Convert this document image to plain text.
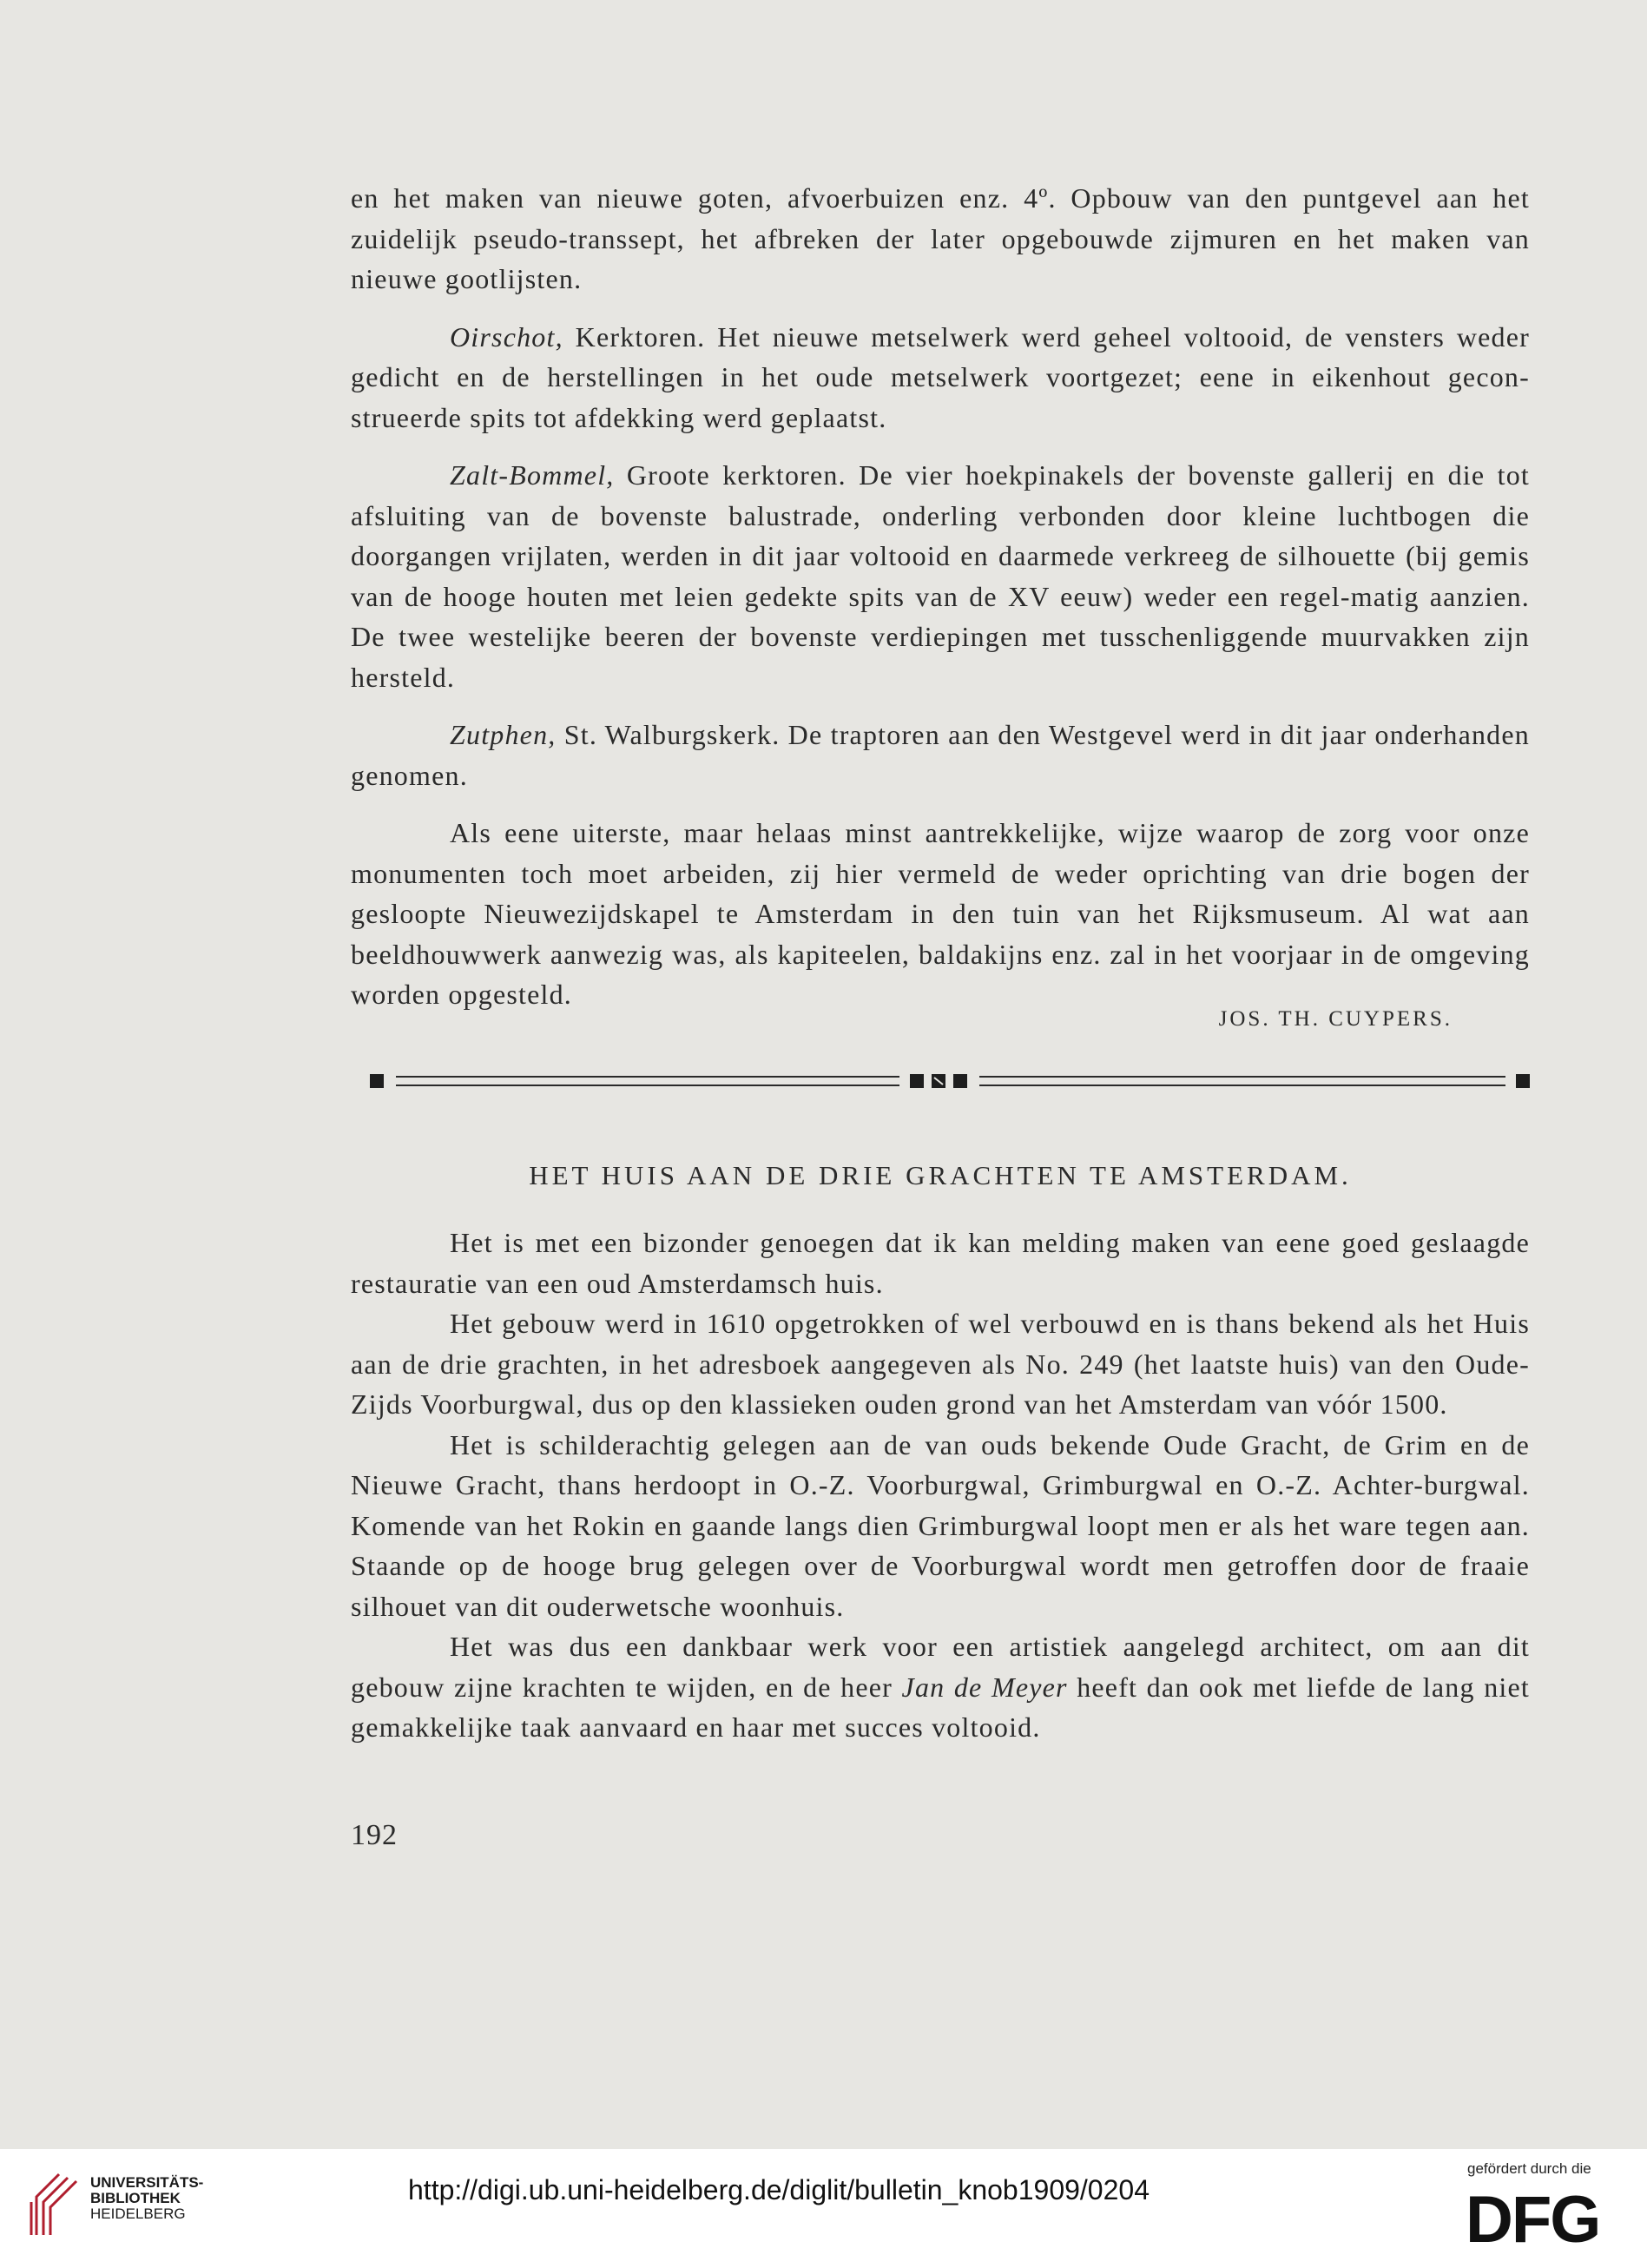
en het maken van nieuwe goten, afvoerbuizen enz. 4º. Opbouw van den puntgevel aan het zuidelijk pseudo-transsept, het afbreken der later opgebouwde zijmuren en het maken van nieuwe gootlijsten.

Oirschot, Kerktoren. Het nieuwe metselwerk werd geheel voltooid, de vensters weder gedicht en de herstellingen in het oude metselwerk voortgezet; eene in eikenhout gecon-strueerde spits tot afdekking werd geplaatst.

Zalt-Bommel, Groote kerktoren. De vier hoekpinakels der bovenste gallerij en die tot afsluiting van de bovenste balustrade, onderling verbonden door kleine luchtbogen die doorgangen vrijlaten, werden in dit jaar voltooid en daarmede verkreeg de silhouette (bij gemis van de hooge houten met leien gedekte spits van de XV eeuw) weder een regel-matig aanzien. De twee westelijke beeren der bovenste verdiepingen met tusschenliggende muurvakken zijn hersteld.

Zutphen, St. Walburgskerk. De traptoren aan den Westgevel werd in dit jaar onderhanden genomen.

Als eene uiterste, maar helaas minst aantrekkelijke, wijze waarop de zorg voor onze monumenten toch moet arbeiden, zij hier vermeld de weder oprichting van drie bogen der gesloopte Nieuwezijdskapel te Amsterdam in den tuin van het Rijksmuseum. Al wat aan beeldhouwwerk aanwezig was, als kapiteelen, baldakijns enz. zal in het voorjaar in de omgeving worden opgesteld.

JOS. TH. CUYPERS.
HET HUIS AAN DE DRIE GRACHTEN TE AMSTERDAM.

Het is met een bizonder genoegen dat ik kan melding maken van eene goed geslaagde restauratie van een oud Amsterdamsch huis.

Het gebouw werd in 1610 opgetrokken of wel verbouwd en is thans bekend als het Huis aan de drie grachten, in het adresboek aangegeven als No. 249 (het laatste huis) van den Oude-Zijds Voorburgwal, dus op den klassieken ouden grond van het Amsterdam van vóór 1500.

Het is schilderachtig gelegen aan de van ouds bekende Oude Gracht, de Grim en de Nieuwe Gracht, thans herdoopt in O.-Z. Voorburgwal, Grimburgwal en O.-Z. Achter-burgwal. Komende van het Rokin en gaande langs dien Grimburgwal loopt men er als het ware tegen aan. Staande op de hooge brug gelegen over de Voorburgwal wordt men getroffen door de fraaie silhouet van dit ouderwetsche woonhuis.

Het was dus een dankbaar werk voor een artistiek aangelegd architect, om aan dit gebouw zijne krachten te wijden, en de heer Jan de Meyer heeft dan ook met liefde de lang niet gemakkelijke taak aanvaard en haar met succes voltooid.

192
UNIVERSITÄTS-
BIBLIOTHEK
HEIDELBERG
http://digi.ub.uni-heidelberg.de/diglit/bulletin_knob1909/0204
gefördert durch die
DFG
